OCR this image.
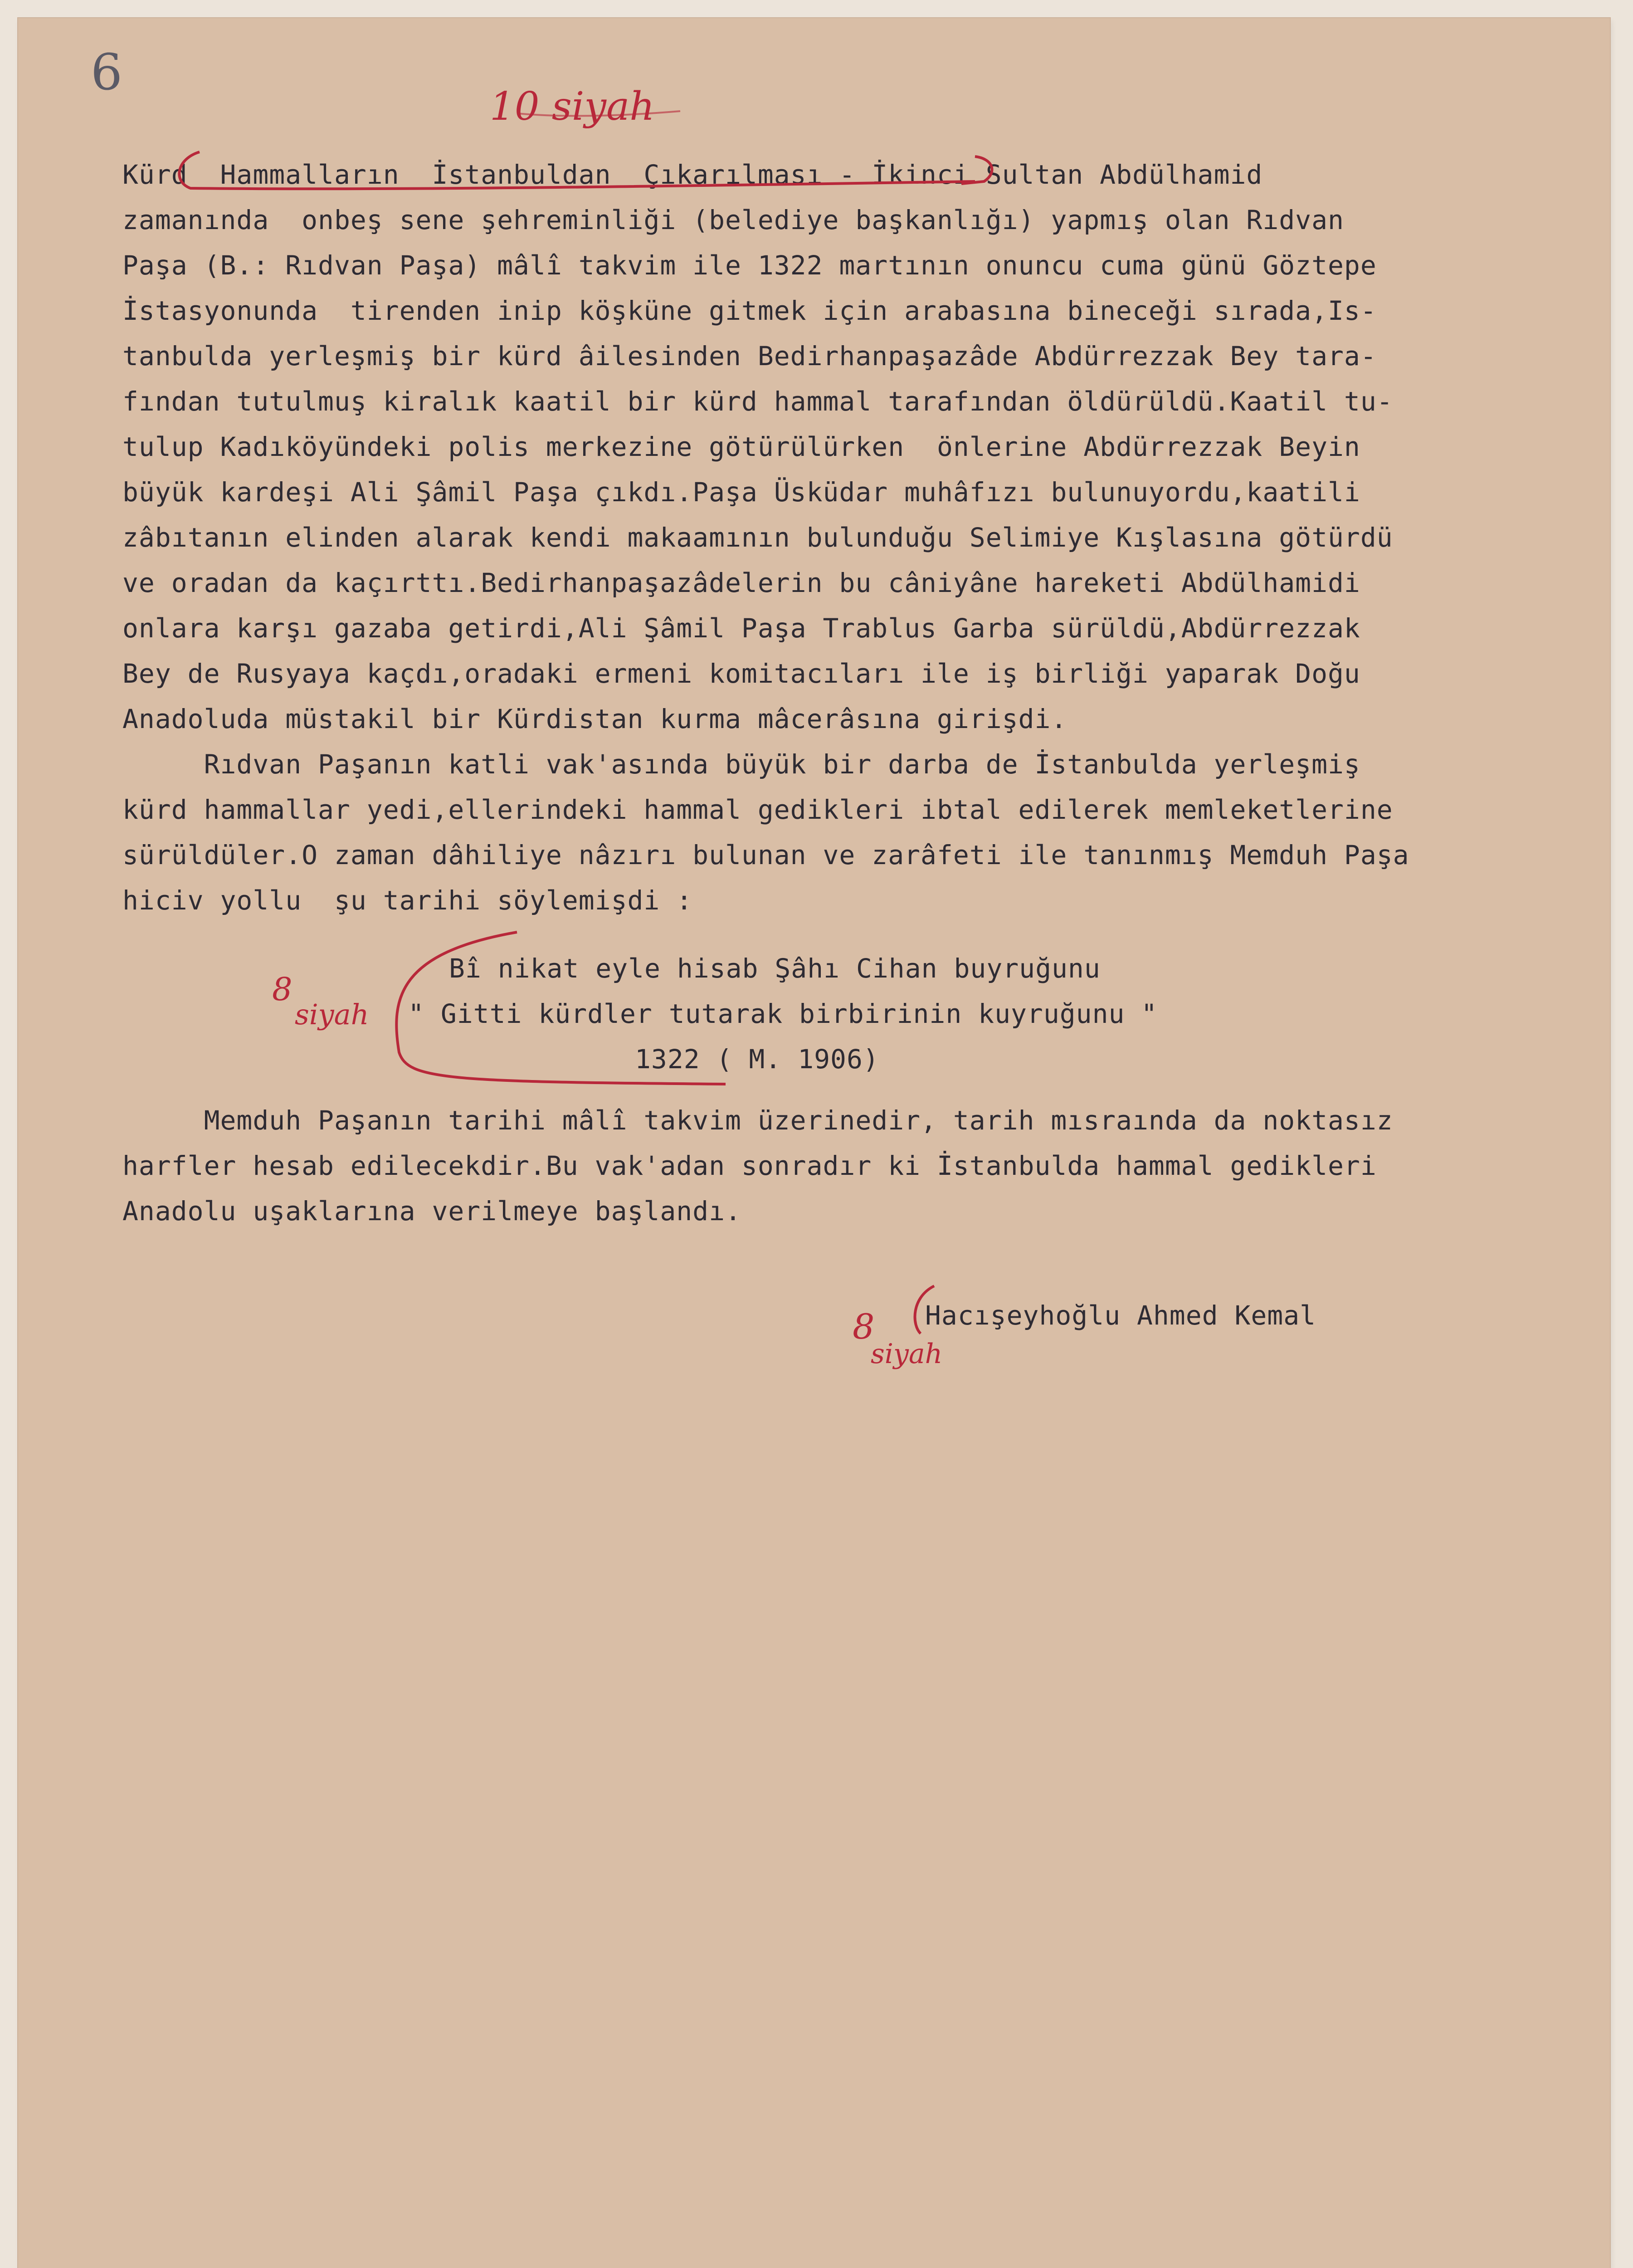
6
10 siyah

Kürd  Hammalların  İstanbuldan  Çıkarılması - İkinci Sultan Abdülhamid

zamanında  onbeş sene şehreminliği (belediye başkanlığı) yapmış olan Rıdvan

Paşa (B.: Rıdvan Paşa) mâlî takvim ile 1322 martının onuncu cuma günü Göztepe

İstasyonunda  tirenden inip köşküne gitmek için arabasına bineceği sırada,Is-

tanbulda yerleşmiş bir kürd âilesinden Bedirhanpaşazâde Abdürrezzak Bey tara-

fından tutulmuş kiralık kaatil bir kürd hammal tarafından öldürüldü.Kaatil tu-

tulup Kadıköyündeki polis merkezine götürülürken  önlerine Abdürrezzak Beyin

büyük kardeşi Ali Şâmil Paşa çıkdı.Paşa Üsküdar muhâfızı bulunuyordu,kaatili

zâbıtanın elinden alarak kendi makaamının bulunduğu Selimiye Kışlasına götürdü

ve oradan da kaçırttı.Bedirhanpaşazâdelerin bu câniyâne hareketi Abdülhamidi

onlara karşı gazaba getirdi,Ali Şâmil Paşa Trablus Garba sürüldü,Abdürrezzak

Bey de Rusyaya kaçdı,oradaki ermeni komitacıları ile iş birliği yaparak Doğu

Anadoluda müstakil bir Kürdistan kurma mâcerâsına girişdi.

Rıdvan Paşanın katli vak'asında büyük bir darba de İstanbulda yerleşmiş

kürd hammallar yedi,ellerindeki hammal gedikleri ibtal edilerek memleketlerine

sürüldüler.O zaman dâhiliye nâzırı bulunan ve zarâfeti ile tanınmış Memduh Paşa

hiciv yollu  şu tarihi söylemişdi :

Bî nikat eyle hisab Şâhı Cihan buyruğunu

" Gitti kürdler tutarak birbirinin kuyruğunu "

1322 ( M. 1906)

8
siyah

Memduh Paşanın tarihi mâlî takvim üzerinedir, tarih mısraında da noktasız

harfler hesab edilecekdir.Bu vak'adan sonradır ki İstanbulda hammal gedikleri

Anadolu uşaklarına verilmeye başlandı.

Hacışeyhoğlu Ahmed Kemal
8
siyah
